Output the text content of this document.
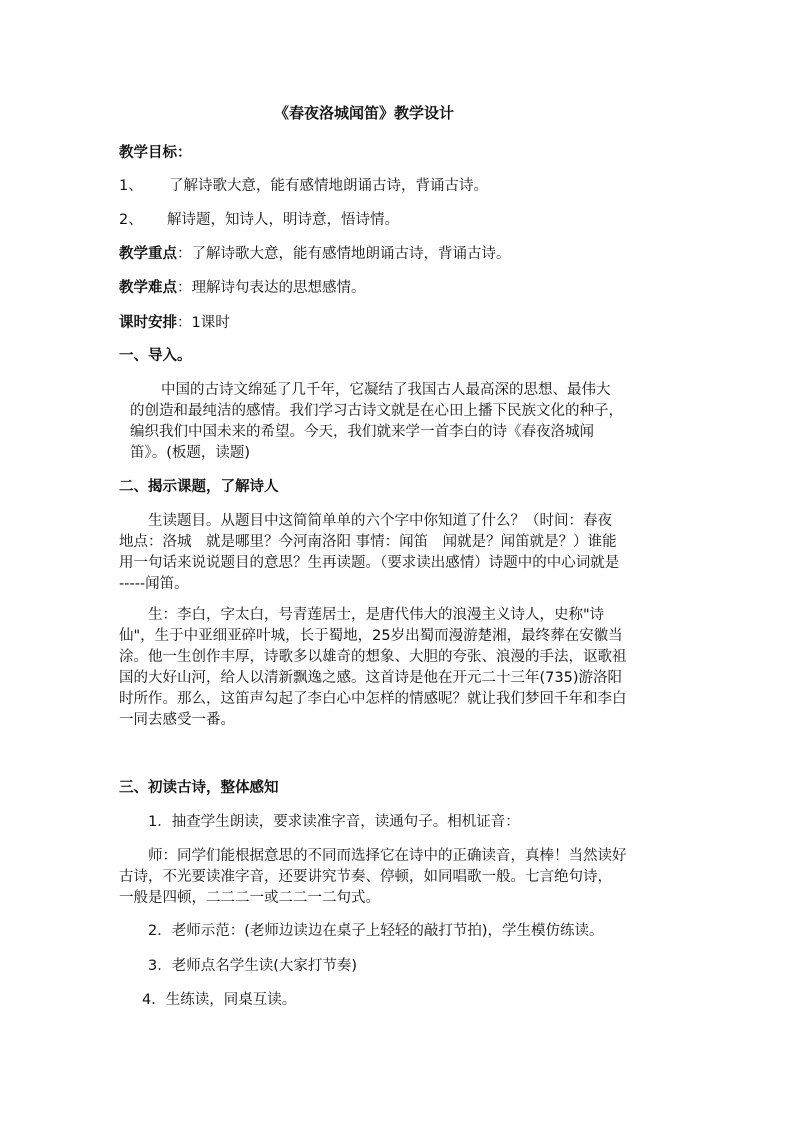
《春夜洛城闻笛》教学设计
教学目标：
1、 了解诗歌大意，能有感情地朗诵古诗，背诵古诗。
2、 解诗题，知诗人，明诗意，悟诗情。
教学重点：了解诗歌大意，能有感情地朗诵古诗，背诵古诗。
教学难点：理解诗句表达的思想感情。
课时安排：1课时
一、导入。
中国的古诗文绵延了几千年，它凝结了我国古人最高深的思想、最伟大
的创造和最纯洁的感情。我们学习古诗文就是在心田上播下民族文化的种子，
编织我们中国未来的希望。今天，我们就来学一首李白的诗《春夜洛城闻
笛》。(板题，读题)
二、揭示课题，了解诗人
生读题目。从题目中这简简单单的六个字中你知道了什么？（时间：春夜
地点：洛城　就是哪里？今河南洛阳 事情：闻笛　闻就是？闻笛就是？）谁能
用一句话来说说题目的意思？生再读题。（要求读出感情）诗题中的中心词就是
-----闻笛。
生：李白，字太白，号青莲居士，是唐代伟大的浪漫主义诗人，史称"诗
仙"，生于中亚细亚碎叶城，长于蜀地，25岁出蜀而漫游楚湘，最终葬在安徽当
涂。他一生创作丰厚，诗歌多以雄奇的想象、大胆的夸张、浪漫的手法，讴歌祖
国的大好山河，给人以清新飘逸之感。这首诗是他在开元二十三年(735)游洛阳
时所作。那么，这笛声勾起了李白心中怎样的情感呢？就让我们梦回千年和李白
一同去感受一番。
三、初读古诗，整体感知
1．抽查学生朗读，要求读准字音，读通句子。相机证音：
师：同学们能根据意思的不同而选择它在诗中的正确读音，真棒！当然读好
古诗，不光要读准字音，还要讲究节奏、停顿，如同唱歌一般。七言绝句诗，
一般是四顿，二二二一或二二一二句式。
2．老师示范：(老师边读边在桌子上轻轻的敲打节拍)，学生模仿练读。
3．老师点名学生读(大家打节奏)
4．生练读，同桌互读。
